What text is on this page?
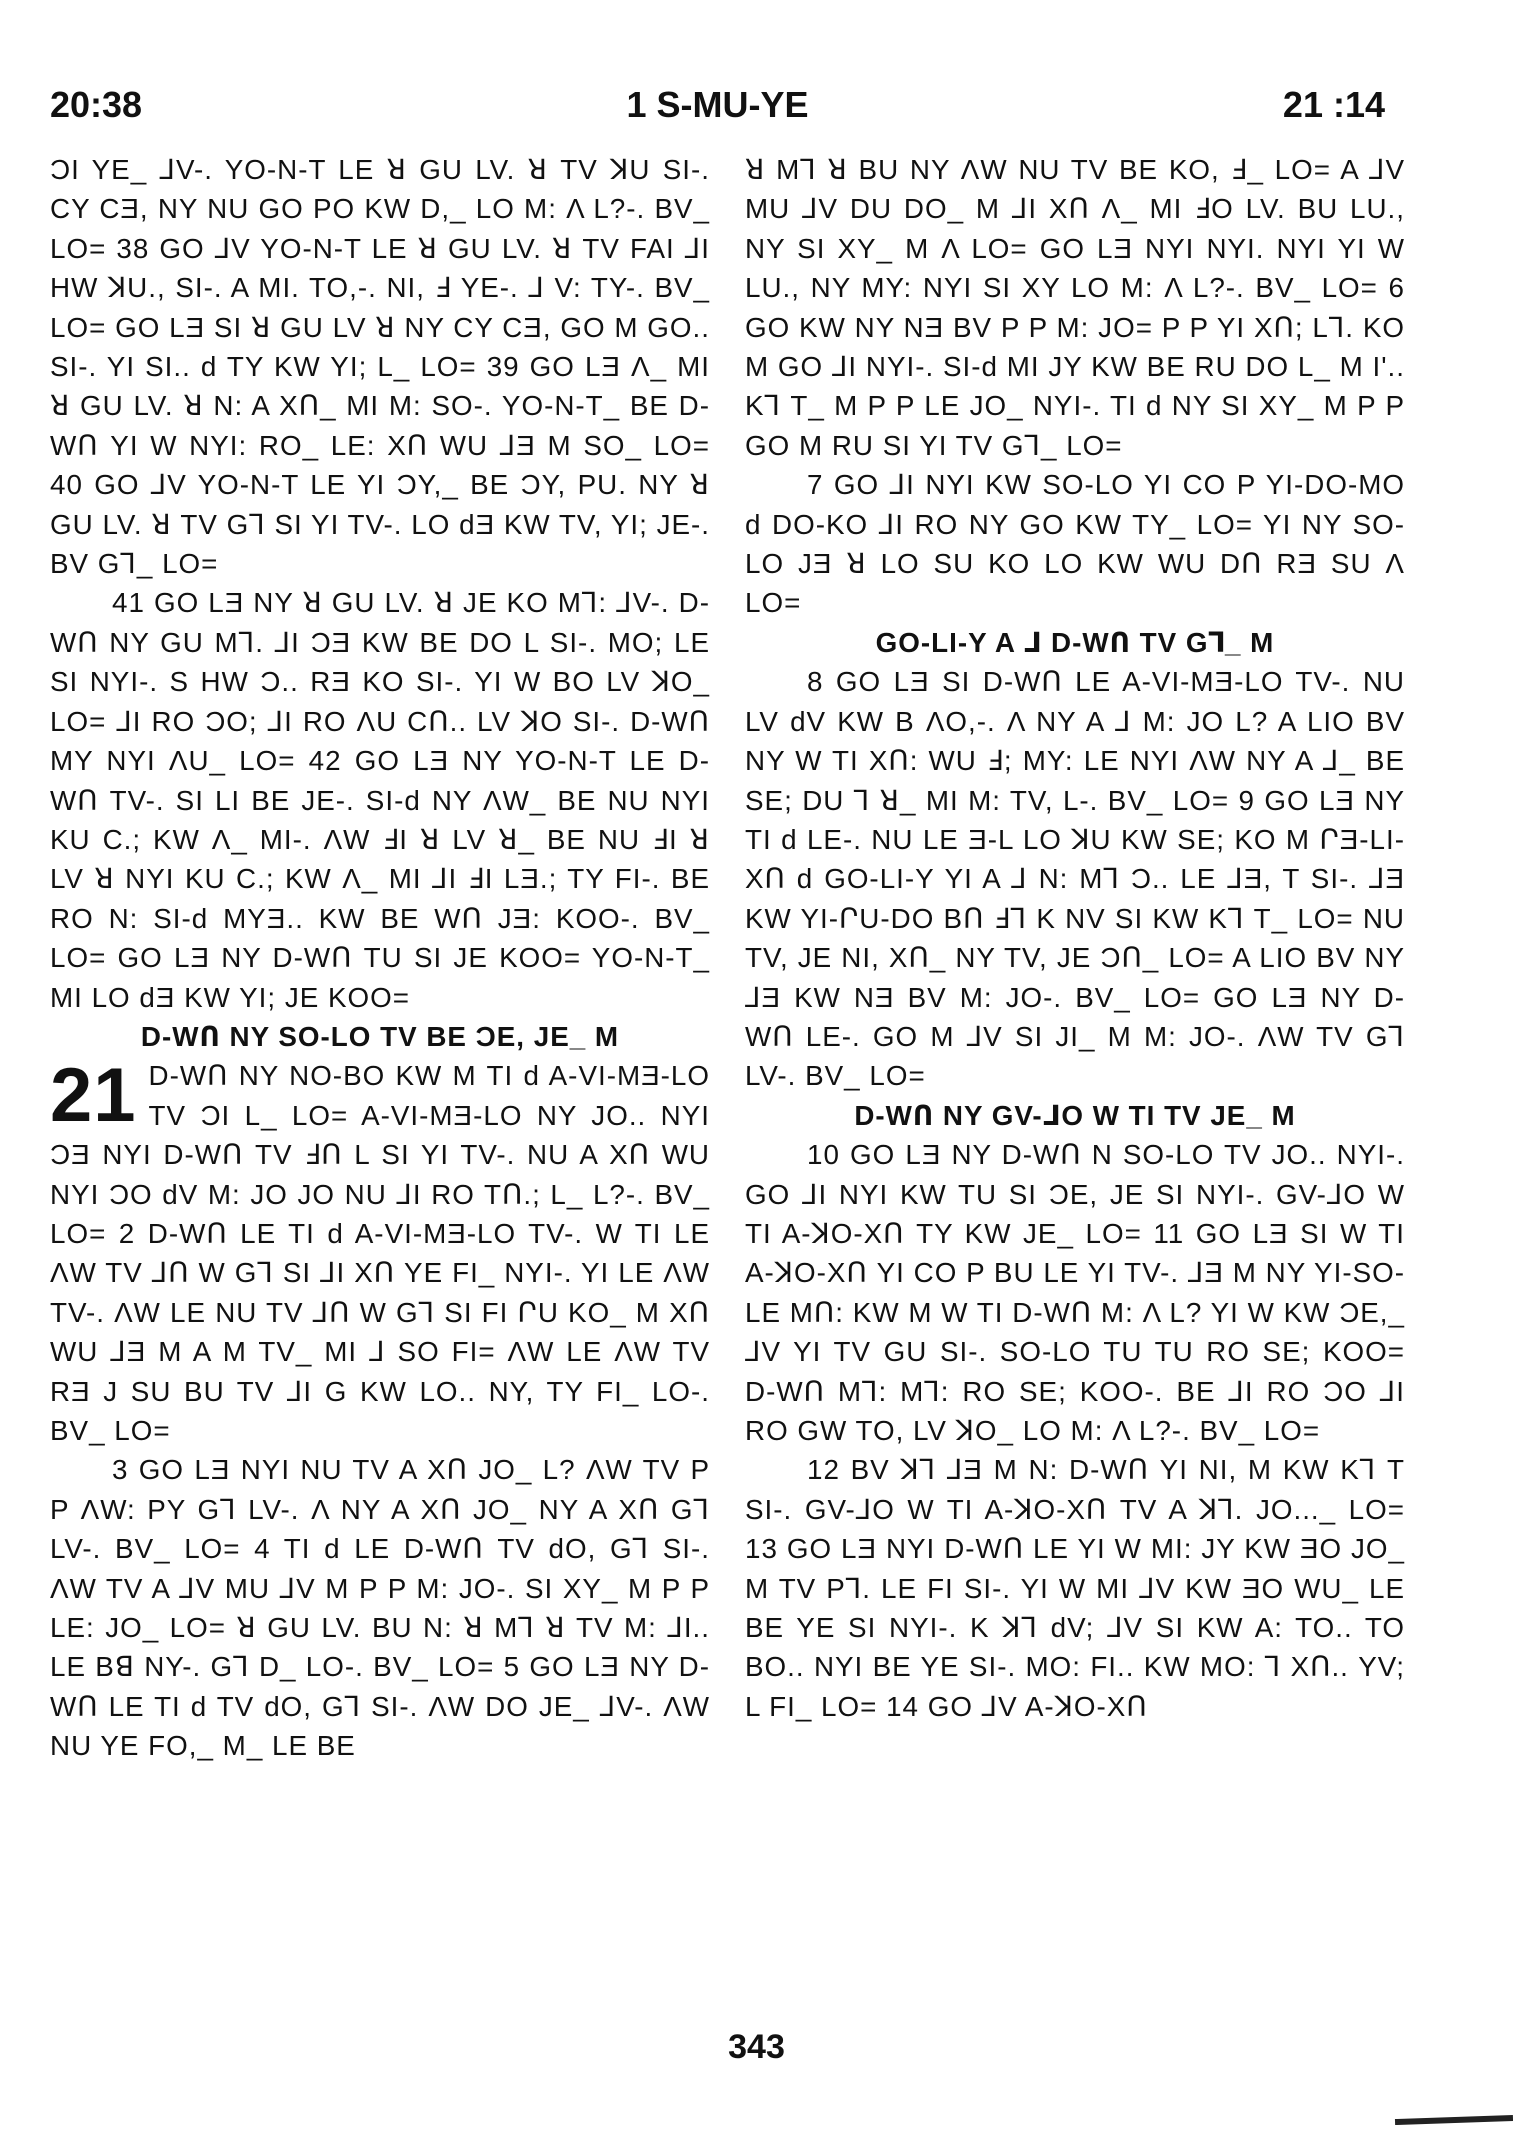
20:38	1 S-MU-YE	21 :14

ƆI YE_ ⅃V-. YO-N-T LE ꓤ GU LV. ꓤ TV ꓘU SI-. CY CƎ, NY NU GO PO KW D,_ LO M: Λ L?-. BV_ LO= 38 GO ⅃V YO-N-T LE ꓤ GU LV. ꓤ TV FAI ⅃I HW ꓘU., SI-. A MI. TO,-. NI, Ⅎ YE-. ⅃ V: TY-. BV_ LO= GO LƎ SI ꓤ GU LV ꓤ NY CY CƎ, GO M GO.. SI-. YI SI.. d TY KW YI; L_ LO= 39 GO LƎ Λ_ MI ꓤ GU LV. ꓤ N: A XՈ_ MI M: SO-. YO-N-T_ BE D-WՈ YI W NYI: RO_ LE: XՈ WU ⅃Ǝ M SO_ LO= 40 GO ⅃V YO-N-T LE YI ƆY,_ BE ƆY, PU. NY ꓤ GU LV. ꓤ TV Gꓶ SI YI TV-. LO dƎ KW TV, YI; JE-. BV Gꓶ_ LO=

41 GO LƎ NY ꓤ GU LV. ꓤ JE KO Mꓶ: ⅃V-. D-WՈ NY GU Mꓶ. ⅃I ƆƎ KW BE DO L SI-. MO; LE SI NYI-. S HW Ɔ.. RƎ KO SI-. YI W BO LV ꓘO_ LO= ⅃I RO ƆO; ⅃I RO ΛU CՈ.. LV ꓘO SI-. D-WՈ MY NYI ΛU_ LO= 42 GO LƎ NY YO-N-T LE D-WՈ TV-. SI LI BE JE-. SI-d NY ΛW_ BE NU NYI KU C.; KW Λ_ MI-. ΛW ℲI ꓤ LV ꓤ_ BE NU ℲI ꓤ LV ꓤ NYI KU C.; KW Λ_ MI ⅃I ℲI LƎ.; TY FI-. BE RO N: SI-d MYƎ.. KW BE WՈ JƎ: KOO-. BV_ LO= GO LƎ NY D-WՈ TU SI JE KOO= YO-N-T_ MI LO dƎ KW YI; JE KOO=

D-WՈ NY SO-LO TV BE ƆE, JE_ M

21 D-WՈ NY NO-BO KW M TI d A-VI-MƎ-LO TV ƆI L_ LO= A-VI-MƎ-LO NY JO.. NYI ƆƎ NYI D-WՈ TV ℲՈ L SI YI TV-. NU A XՈ WU NYI ƆO dV M: JO JO NU ⅃I RO TՈ.; L_ L?-. BV_ LO= 2 D-WՈ LE TI d A-VI-MƎ-LO TV-. W TI LE ΛW TV ⅃Ո W Gꓶ SI ⅃I XՈ YE FI_ NYI-. YI LE ΛW TV-. ΛW LE NU TV ⅃Ո W Gꓶ SI FI ՐU KO_ M XՈ WU ⅃Ǝ M A M TV_ MI ⅃ SO FI= ΛW LE ΛW TV RƎ J SU BU TV ⅃I G KW LO.. NY, TY FI_ LO-. BV_ LO=

3 GO LƎ NYI NU TV A XՈ JO_ L? ΛW TV P P ΛW: PY Gꓶ LV-. Λ NY A XՈ JO_ NY A XՈ Gꓶ LV-. BV_ LO= 4 TI d LE D-WՈ TV dO, Gꓶ SI-. ΛW TV A ⅃V MU ⅃V M P P M: JO-. SI XY_ M P P LE: JO_ LO= ꓤ GU LV. BU N: ꓤ Mꓶ ꓤ TV M: ⅃I.. LE Bꓭ NY-. Gꓶ D_ LO-. BV_ LO= 5 GO LƎ NY D-WՈ LE TI d TV dO, Gꓶ SI-. ΛW DO JE_ ⅃V-. ΛW NU YE FO,_ M_ LE BE

ꓤ Mꓶ ꓤ BU NY ΛW NU TV BE KO, Ⅎ_ LO= A ⅃V MU ⅃V DU DO_ M ⅃I XՈ Λ_ MI ℲO LV. BU LU., NY SI XY_ M Λ LO= GO LƎ NYI NYI. NYI YI W LU., NY MY: NYI SI XY LO M: Λ L?-. BV_ LO= 6 GO KW NY NƎ BV P P M: JO= P P YI XՈ; Lꓶ. KO M GO ⅃I NYI-. SI-d MI JY KW BE RU DO L_ M I'.. Kꓶ T_ M P P LE JO_ NYI-. TI d NY SI XY_ M P P GO M RU SI YI TV Gꓶ_ LO=

7 GO ⅃I NYI KW SO-LO YI CO P YI-DO-MO d DO-KO ⅃I RO NY GO KW TY_ LO= YI NY SO-LO JƎ ꓤ LO SU KO LO KW WU DՈ RƎ SU Λ LO=

GO-LI-Y A ⅃ D-WՈ TV Gꓶ_ M

8 GO LƎ SI D-WՈ LE A-VI-MƎ-LO TV-. NU LV dV KW B ΛO,-. Λ NY A ⅃ M: JO L? A LIO BV NY W TI XՈ: WU Ⅎ; MY: LE NYI ΛW NY A ⅃_ BE SE; DU ꓶ ꓤ_ MI M: TV, L-. BV_ LO= 9 GO LƎ NY TI d LE-. NU LE Ǝ-L LO ꓘU KW SE; KO M ՐƎ-LI-XՈ d GO-LI-Y YI A ⅃ N: Mꓶ Ɔ.. LE ⅃Ǝ, T SI-. ⅃Ǝ KW YI-ՐU-DO BՈ Ⅎꓶ K NV SI KW Kꓶ T_ LO= NU TV, JE NI, XՈ_ NY TV, JE ƆՈ_ LO= A LIO BV NY ⅃Ǝ KW NƎ BV M: JO-. BV_ LO= GO LƎ NY D-WՈ LE-. GO M ⅃V SI JI_ M M: JO-. ΛW TV Gꓶ LV-. BV_ LO=

D-WՈ NY GV-⅃O W TI TV JE_ M

10 GO LƎ NY D-WՈ N SO-LO TV JO.. NYI-. GO ⅃I NYI KW TU SI ƆE, JE SI NYI-. GV-⅃O W TI A-ꓘO-XՈ TY KW JE_ LO= 11 GO LƎ SI W TI A-ꓘO-XՈ YI CO P BU LE YI TV-. ⅃Ǝ M NY YI-SO-LE MՈ: KW M W TI D-WՈ M: Λ L? YI W KW ƆE,_ ⅃V YI TV GU SI-. SO-LO TU TU RO SE; KOO= D-WՈ Mꓶ: Mꓶ: RO SE; KOO-. BE ⅃I RO ƆO ⅃I RO GW TO, LV ꓘO_ LO M: Λ L?-. BV_ LO=

12 BV ꓘꓶ ⅃Ǝ M N: D-WՈ YI NI, M KW Kꓶ T SI-. GV-⅃O W TI A-ꓘO-XՈ TV A ꓘꓶ. JO..._ LO= 13 GO LƎ NYI D-WՈ LE YI W MI: JY KW ƎO JO_ M TV Pꓶ. LE FI SI-. YI W MI ⅃V KW ƎO WU_ LE BE YE SI NYI-. K ꓘꓶ dV; ⅃V SI KW A: TO.. TO BO.. NYI BE YE SI-. MO: FI.. KW MO: ꓶ XՈ.. YV; L FI_ LO= 14 GO ⅃V A-ꓘO-XՈ

343
